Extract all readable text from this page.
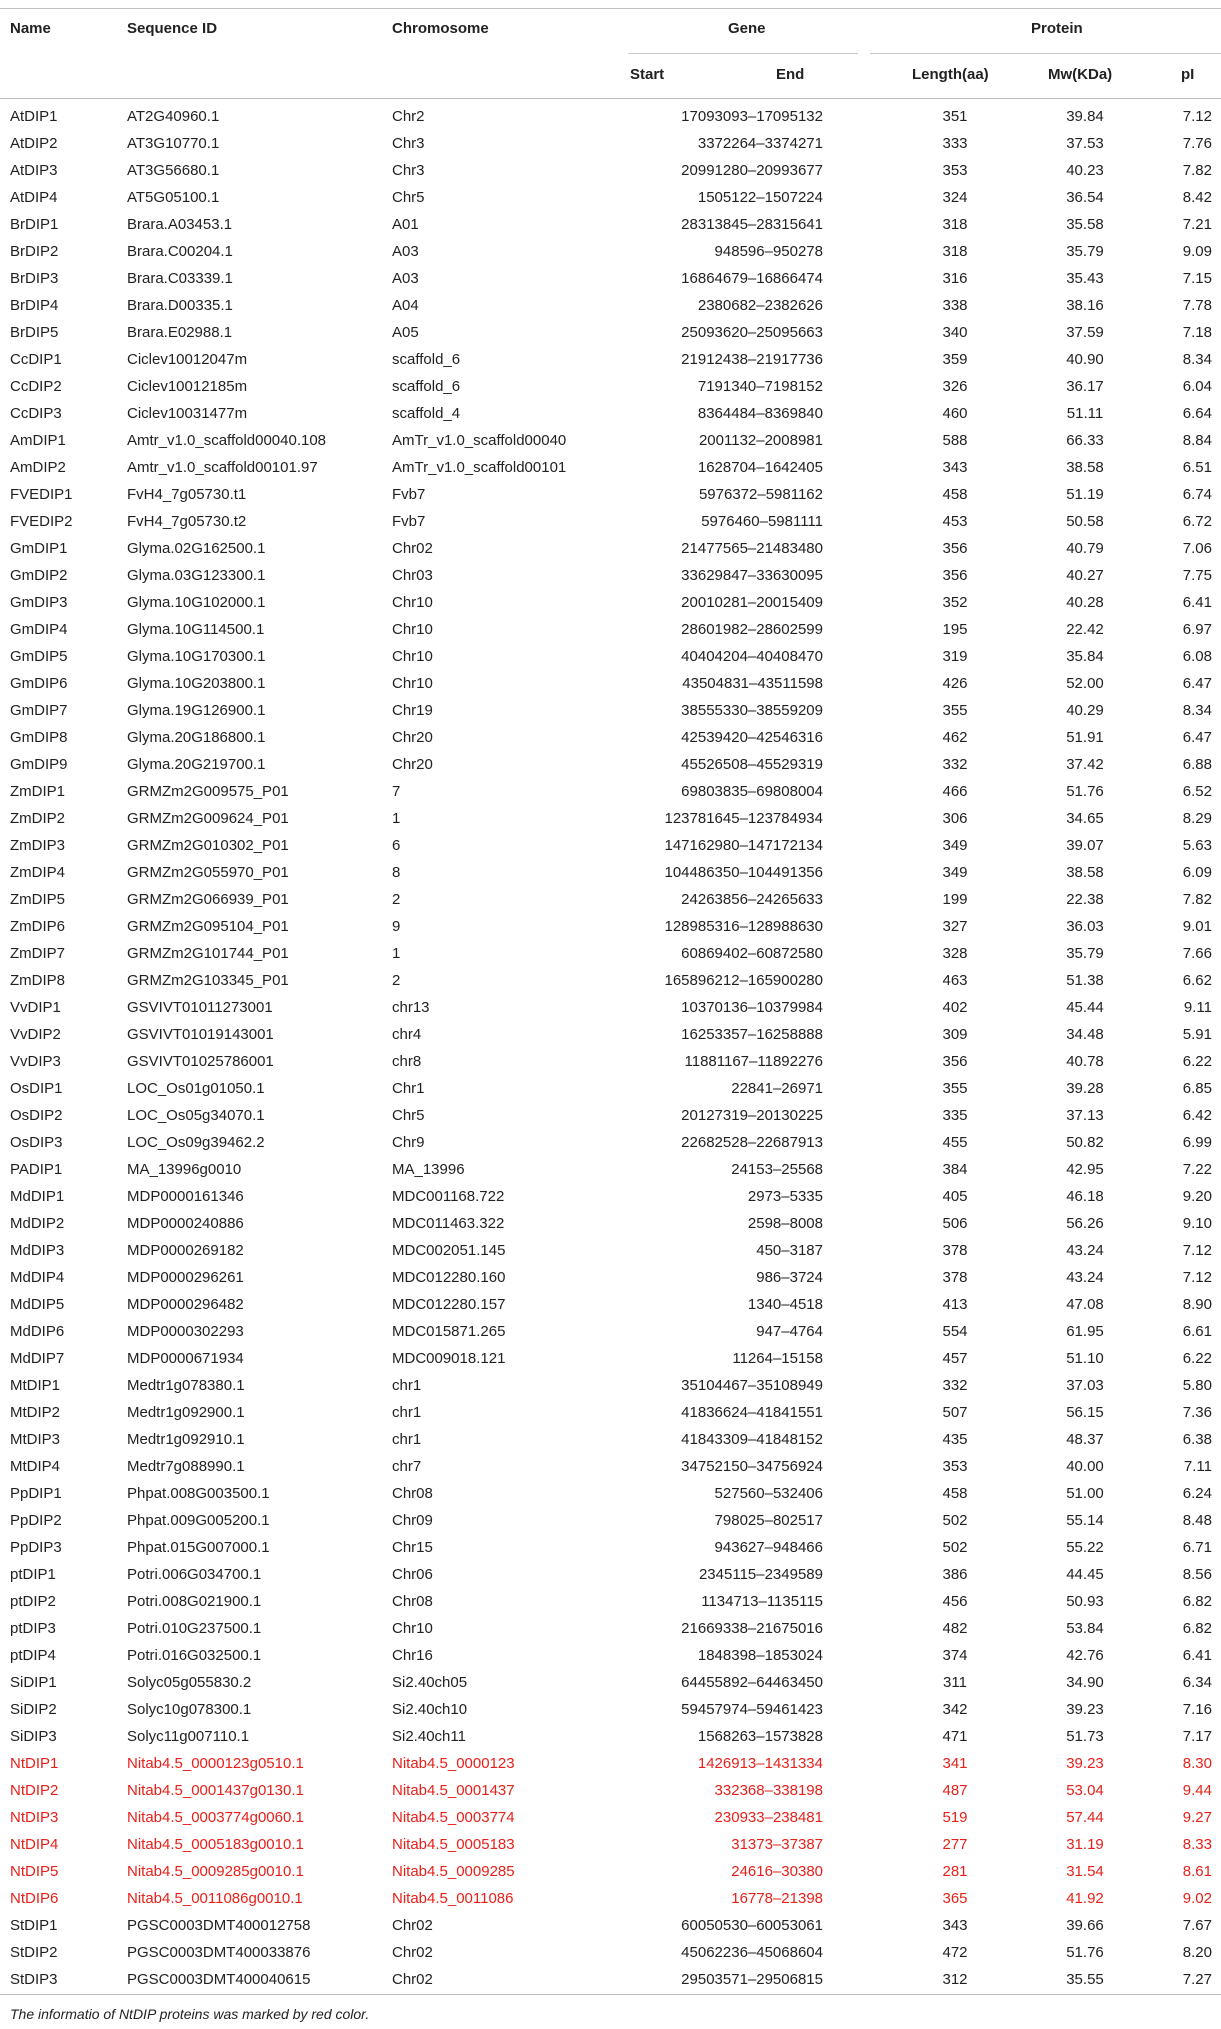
Name	Sequence ID	Chromosome	Gene	Protein
Start	End	Length(aa)	Mw(KDa)	pI
AtDIP1	AT2G40960.1	Chr2	17093093–17095132	351	39.84	7.12
AtDIP2	AT3G10770.1	Chr3	3372264–3374271	333	37.53	7.76
AtDIP3	AT3G56680.1	Chr3	20991280–20993677	353	40.23	7.82
AtDIP4	AT5G05100.1	Chr5	1505122–1507224	324	36.54	8.42
BrDIP1	Brara.A03453.1	A01	28313845–28315641	318	35.58	7.21
BrDIP2	Brara.C00204.1	A03	948596–950278	318	35.79	9.09
BrDIP3	Brara.C03339.1	A03	16864679–16866474	316	35.43	7.15
BrDIP4	Brara.D00335.1	A04	2380682–2382626	338	38.16	7.78
BrDIP5	Brara.E02988.1	A05	25093620–25095663	340	37.59	7.18
CcDIP1	Ciclev10012047m	scaffold_6	21912438–21917736	359	40.90	8.34
CcDIP2	Ciclev10012185m	scaffold_6	7191340–7198152	326	36.17	6.04
CcDIP3	Ciclev10031477m	scaffold_4	8364484–8369840	460	51.11	6.64
AmDIP1	Amtr_v1.0_scaffold00040.108	AmTr_v1.0_scaffold00040	2001132–2008981	588	66.33	8.84
AmDIP2	Amtr_v1.0_scaffold00101.97	AmTr_v1.0_scaffold00101	1628704–1642405	343	38.58	6.51
FVEDIP1	FvH4_7g05730.t1	Fvb7	5976372–5981162	458	51.19	6.74
FVEDIP2	FvH4_7g05730.t2	Fvb7	5976460–5981111	453	50.58	6.72
GmDIP1	Glyma.02G162500.1	Chr02	21477565–21483480	356	40.79	7.06
GmDIP2	Glyma.03G123300.1	Chr03	33629847–33630095	356	40.27	7.75
GmDIP3	Glyma.10G102000.1	Chr10	20010281–20015409	352	40.28	6.41
GmDIP4	Glyma.10G114500.1	Chr10	28601982–28602599	195	22.42	6.97
GmDIP5	Glyma.10G170300.1	Chr10	40404204–40408470	319	35.84	6.08
GmDIP6	Glyma.10G203800.1	Chr10	43504831–43511598	426	52.00	6.47
GmDIP7	Glyma.19G126900.1	Chr19	38555330–38559209	355	40.29	8.34
GmDIP8	Glyma.20G186800.1	Chr20	42539420–42546316	462	51.91	6.47
GmDIP9	Glyma.20G219700.1	Chr20	45526508–45529319	332	37.42	6.88
ZmDIP1	GRMZm2G009575_P01	7	69803835–69808004	466	51.76	6.52
ZmDIP2	GRMZm2G009624_P01	1	123781645–123784934	306	34.65	8.29
ZmDIP3	GRMZm2G010302_P01	6	147162980–147172134	349	39.07	5.63
ZmDIP4	GRMZm2G055970_P01	8	104486350–104491356	349	38.58	6.09
ZmDIP5	GRMZm2G066939_P01	2	24263856–24265633	199	22.38	7.82
ZmDIP6	GRMZm2G095104_P01	9	128985316–128988630	327	36.03	9.01
ZmDIP7	GRMZm2G101744_P01	1	60869402–60872580	328	35.79	7.66
ZmDIP8	GRMZm2G103345_P01	2	165896212–165900280	463	51.38	6.62
VvDIP1	GSVIVT01011273001	chr13	10370136–10379984	402	45.44	9.11
VvDIP2	GSVIVT01019143001	chr4	16253357–16258888	309	34.48	5.91
VvDIP3	GSVIVT01025786001	chr8	11881167–11892276	356	40.78	6.22
OsDIP1	LOC_Os01g01050.1	Chr1	22841–26971	355	39.28	6.85
OsDIP2	LOC_Os05g34070.1	Chr5	20127319–20130225	335	37.13	6.42
OsDIP3	LOC_Os09g39462.2	Chr9	22682528–22687913	455	50.82	6.99
PADIP1	MA_13996g0010	MA_13996	24153–25568	384	42.95	7.22
MdDIP1	MDP0000161346	MDC001168.722	2973–5335	405	46.18	9.20
MdDIP2	MDP0000240886	MDC011463.322	2598–8008	506	56.26	9.10
MdDIP3	MDP0000269182	MDC002051.145	450–3187	378	43.24	7.12
MdDIP4	MDP0000296261	MDC012280.160	986–3724	378	43.24	7.12
MdDIP5	MDP0000296482	MDC012280.157	1340–4518	413	47.08	8.90
MdDIP6	MDP0000302293	MDC015871.265	947–4764	554	61.95	6.61
MdDIP7	MDP0000671934	MDC009018.121	11264–15158	457	51.10	6.22
MtDIP1	Medtr1g078380.1	chr1	35104467–35108949	332	37.03	5.80
MtDIP2	Medtr1g092900.1	chr1	41836624–41841551	507	56.15	7.36
MtDIP3	Medtr1g092910.1	chr1	41843309–41848152	435	48.37	6.38
MtDIP4	Medtr7g088990.1	chr7	34752150–34756924	353	40.00	7.11
PpDIP1	Phpat.008G003500.1	Chr08	527560–532406	458	51.00	6.24
PpDIP2	Phpat.009G005200.1	Chr09	798025–802517	502	55.14	8.48
PpDIP3	Phpat.015G007000.1	Chr15	943627–948466	502	55.22	6.71
ptDIP1	Potri.006G034700.1	Chr06	2345115–2349589	386	44.45	8.56
ptDIP2	Potri.008G021900.1	Chr08	1134713–1135115	456	50.93	6.82
ptDIP3	Potri.010G237500.1	Chr10	21669338–21675016	482	53.84	6.82
ptDIP4	Potri.016G032500.1	Chr16	1848398–1853024	374	42.76	6.41
SiDIP1	Solyc05g055830.2	Si2.40ch05	64455892–64463450	311	34.90	6.34
SiDIP2	Solyc10g078300.1	Si2.40ch10	59457974–59461423	342	39.23	7.16
SiDIP3	Solyc11g007110.1	Si2.40ch11	1568263–1573828	471	51.73	7.17
NtDIP1	Nitab4.5_0000123g0510.1	Nitab4.5_0000123	1426913–1431334	341	39.23	8.30
NtDIP2	Nitab4.5_0001437g0130.1	Nitab4.5_0001437	332368–338198	487	53.04	9.44
NtDIP3	Nitab4.5_0003774g0060.1	Nitab4.5_0003774	230933–238481	519	57.44	9.27
NtDIP4	Nitab4.5_0005183g0010.1	Nitab4.5_0005183	31373–37387	277	31.19	8.33
NtDIP5	Nitab4.5_0009285g0010.1	Nitab4.5_0009285	24616–30380	281	31.54	8.61
NtDIP6	Nitab4.5_0011086g0010.1	Nitab4.5_0011086	16778–21398	365	41.92	9.02
StDIP1	PGSC0003DMT400012758	Chr02	60050530–60053061	343	39.66	7.67
StDIP2	PGSC0003DMT400033876	Chr02	45062236–45068604	472	51.76	8.20
StDIP3	PGSC0003DMT400040615	Chr02	29503571–29506815	312	35.55	7.27
The informatio of NtDIP proteins was marked by red color.
